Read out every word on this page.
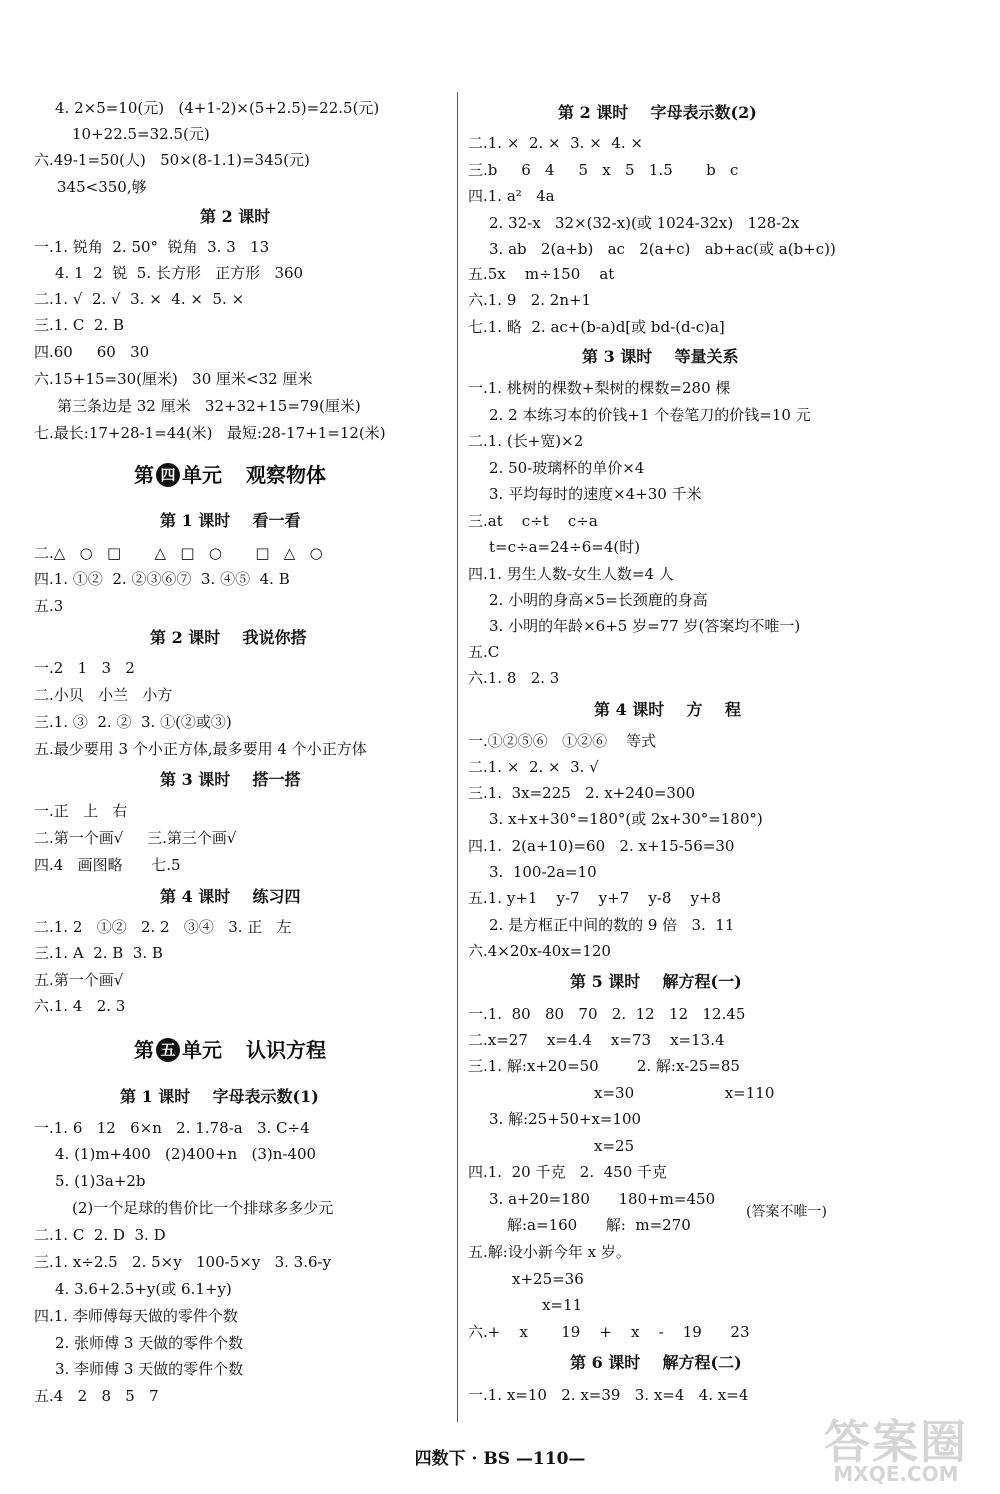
4. 2×5=10(元)   (4+1-2)×(5+2.5)=22.5(元)
10+22.5=32.5(元)
六.49-1=50(人)   50×(8-1.1)=345(元)
345<350,够
第 2 课时
一.1. 锐角  2. 50°  锐角  3. 3   13
4. 1  2  锐  5. 长方形   正方形   360
二.1. √  2. √  3. ×  4. ×  5. ×
三.1. C  2. B
四.60     60   30
六.15+15=30(厘米)   30 厘米<32 厘米
第三条边是 32 厘米   32+32+15=79(厘米)
七.最长:17+28-1=44(米)   最短:28-17+1=12(米)
第 四 单元 观察物体
第 1 课时    看一看
二.△   ○   □       △   □   ○       □   △   ○
四.1. ①②  2. ②③⑥⑦  3. ④⑤  4. B
五.3
第 2 课时    我说你搭
一.2   1   3   2
二.小贝   小兰   小方
三.1. ③  2. ②  3. ①(②或③)
五.最少要用 3 个小正方体,最多要用 4 个小正方体
第 3 课时    搭一搭
一.正   上   右
二.第一个画√     三.第三个画√
四.4   画图略      七.5
第 4 课时    练习四
二.1. 2   ①②   2. 2   ③④   3. 正   左
三.1. A  2. B  3. B
五.第一个画√
六.1. 4   2. 3
第 五 单元 认识方程
第 1 课时    字母表示数(1)
一.1. 6   12   6×n   2. 1.78-a   3. C÷4
4. (1)m+400   (2)400+n   (3)n-400
5. (1)3a+2b
(2)一个足球的售价比一个排球多多少元
二.1. C  2. D  3. D
三.1. x÷2.5   2. 5×y   100-5×y   3. 3.6-y
4. 3.6+2.5+y(或 6.1+y)
四.1. 李师傅每天做的零件个数
2. 张师傅 3 天做的零件个数
3. 李师傅 3 天做的零件个数
五.4   2   8   5   7
第 2 课时    字母表示数(2)
二.1. ×  2. ×  3. ×  4. ×
三.b     6   4     5   x   5   1.5       b   c
四.1. a²   4a
2. 32-x   32×(32-x)(或 1024-32x)   128-2x
3. ab   2(a+b)   ac   2(a+c)   ab+ac(或 a(b+c))
五.5x    m÷150    at
六.1. 9   2. 2n+1
七.1. 略  2. ac+(b-a)d[或 bd-(d-c)a]
第 3 课时    等量关系
一.1. 桃树的棵数+梨树的棵数=280 棵
2. 2 本练习本的价钱+1 个卷笔刀的价钱=10 元
二.1. (长+宽)×2
2. 50-玻璃杯的单价×4
3. 平均每时的速度×4+30 千米
三.at    c÷t    c÷a
t=c÷a=24÷6=4(时)
四.1. 男生人数-女生人数=4 人
2. 小明的身高×5=长颈鹿的身高
3. 小明的年龄×6+5 岁=77 岁(答案均不唯一)
五.C
六.1. 8   2. 3
第 4 课时    方    程
一.①②⑤⑥   ①②⑥    等式
二.1. ×  2. ×  3. √
三.1.  3x=225   2. x+240=300
3. x+x+30°=180°(或 2x+30°=180°)
四.1.  2(a+10)=60   2. x+15-56=30
3.  100-2a=10
五.1. y+1    y-7    y+7    y-8    y+8
2. 是方框正中间的数的 9 倍   3.  11
六.4×20x-40x=120
第 5 课时    解方程(一)
一.1.  80   80   70   2.  12   12   12.45
二.x=27    x=4.4    x=73    x=13.4
三.1. 解:x+20=50        2. 解:x-25=85
x=30                   x=110
3. 解:25+50+x=100
x=25
四.1.  20 千克   2.  450 千克
3. a+20=180      180+m=450
解:a=160      解:  m=270
(答案不唯一)
五.解:设小新今年 x 岁。
x+25=36
x=11
六.+    x       19    +    x    -    19      23
第 6 课时    解方程(二)
一.1. x=10   2. x=39   3. x=4   4. x=4
四数下 · BS —110—	答案圈
MXQE.COM
